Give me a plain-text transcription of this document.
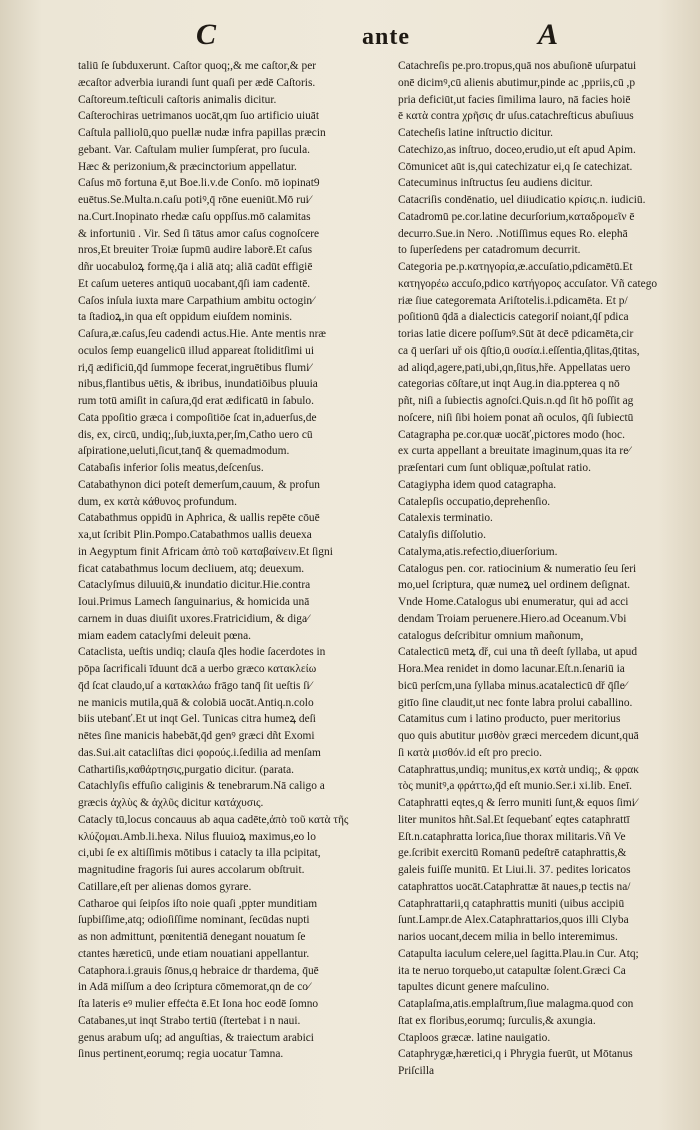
C	ante	A
taliū ſe ſubduxerunt. Caſtor quoq;,& me caſtor,& per
æcaſtor adverbia iurandi ſunt quaſi per ædē Caſtoris.
Caſtoreum.teſticuli caſtoris animalis dicitur.
Caſterochiras uetrimanos uocāt,qm ſuo artificio uiuāt
Caſtula palliolū,quo puellæ nudæ infra papillas præcin
gebant. Var. Caſtulam mulier ſumpſerat, pro ſucula.
Hæc & perizonium,& præcinctorium appellatur.
Caſus mō fortuna ē,ut Boe.li.v.de Conſo. mō iopinat9
euētus.Se.Multa.n.caſu potiꝰ,q̄ rōne eueniūt.Mō rui⁄
na.Curt.Inopinato rhedæ caſu oppſſus.mō calamitas
& infortuniū . Vir. Sed ſi tātus amor caſus cognoſcere
nros,Et breuiter Troiæ ſupmū audire laborē.Et caſus
dñr uocabuloꝝ formę,q̄a i aliā atq; aliā cadūt effigiē
Et caſum ueteres antiquū uocabant,q̄ſi iam cadentē.
Caſos inſula iuxta mare Carpathium ambitu octogin⁄
ta ſtadioꝝ,in qua eſt oppidum eiuſdem nominis.
Caſura,æ.caſus,ſeu cadendi actus.Hie. Ante mentis nræ
oculos ſemp euangelicū illud appareat ſtoliditſimi ui
ri,q̄ ædificiū,q̄d ſummope fecerat,ingruētibus flumi⁄
nibus,flantibus uētis, & ibribus, inundatiōibus pluuia
rum totū amiſit in caſura,q̄d erat ædificatū in ſabulo.
Cata ppoſitio græca i compoſitiōe ſcat in,aduerſus,de
dis, ex, circū, undiq;,ſub,iuxta,per,ſm,Catho uero cū
aſpiratione,ueluti,ſicut,tanq̄ & quemadmodum.
Catabaſis inferior ſolis meatus,deſcenſus.
Catabathynon dici poteſt demerſum,cauum, & profun
dum, ex κατὰ κάθυνος profundum.
Catabathmus oppidū in Aphrica, & uallis repēte cōuē
xa,ut ſcribit Plin.Pompo.Catabathmos uallis deuexa
in Aegyptum finit Africam ἀπὸ τοῦ καταβαίνειν.Et ſigni
ficat catabathmus locum decliuem, atq; deuexum.
Cataclyſmus diluuiū,& inundatio dicitur.Hie.contra
Ioui.Primus Lamech ſanguinarius, & homicida unā
carnem in duas diuiſit uxores.Fratricidium, & diga⁄
miam eadem cataclyſmi deleuit pœna.
Cataclista, ueſtis undiq; clauſa q̄les hodie ſacerdotes in
pōpa ſacrificali īduunt dcā a uerbo græco κατακλείω
q̄d ſcat claudo,uſ a κατακλάω frāgo tanq̄ ſit ueſtis ſi⁄
ne manicis mutila,quā & colobiā uocāt.Antiq.n.colo
biis utebanť.Et ut inqt Gel. Tunicas citra humeꝝ deſi
nētes ſine manicis habebāt,q̄d genꝰ græci dñt Exomi
das.Sui.ait catacliſtas dici φορούς.i.ſedilia ad menſam
Cathartiſis,καθάρτησις,purgatio dicitur. (parata.
Catachlyſis effuſio caliginis & tenebrarum.Nā caligo a
græcis ἀχλὺς & ἀχλῦς dicitur κατάχυσις.
Catacly tū,locus concauus ab aqua cadēte,ἀπὸ τοῦ κατὰ τῆς
κλύζομαι.Amb.li.hexa. Nilus fluuioꝝ maximus,eo lo
ci,ubi ſe ex altiſſimis mōtibus i catacly ta illa pcipitat,
magnitudine fragoris ſui aures accolarum obſtruit.
Catillare,eſt per alienas domos gyrare.
Catharoe qui ſeipſos iſto noie quaſi ,ppter munditiam
ſupbiſſime,atq; odioſiſſime nominant, ſecūdas nupti
as non admittunt, pœnitentiā denegant nouatum ſe
ctantes hæreticū, unde etiam nouatiani appellantur.
Cataphora.i.grauis ſōnus,q hebraice dr thardema, q̄uē
in Adā miſſum a deo ſcriptura cōmemorat,qn de co⁄
ſta lateris eꝰ mulier effeċta ē.Et Iona hoc eodē ſomno
Catabanes,ut inqt Strabo tertiū (ſtertebat i n naui.
genus arabum uſq; ad anguſtias, & traiectum arabici
ſinus pertinent,eorumq; regia uocatur Tamna.
Catachreſis pe.pro.tropus,quā nos abuſionē uſurpatui
onē dicimꝰ,cū alienis abutimur,pinde ac ,ppriis,cū ,p
pria deficiūt,ut facies ſimilima lauro, nā facies hoiē
ē κατὰ contra χρῆσις dr uſus.catachreſticus abuſiuus
Catecheſis latine inſtructio dicitur.
Catechizo,as inſtruo, doceo,erudio,ut eſt apud Apim.
Cōmunicet aūt is,qui catechizatur ei,q ſe catechizat.
Catecuminus inſtructus ſeu audiens dicitur.
Catacriſis condēnatio, uel diiudicatio κρίσις.n. iudiciū.
Catadromū pe.cor.latine decurſorium,καταδρομεῖν ē
decurro.Sue.in Nero. .Notiſſimus eques Ro. elephā
to ſuperſedens per catadromum decurrit.
Categoria pe.p.κατηγορία,æ.accuſatio,pdicamētū.Et
κατηγορέω accuſo,pdico κατήγορος accuſator. Vñ catego
riæ ſiue categoremata Ariſtotelis.i.pdicamēta. Et p/
poſitionū q̄dā a dialecticis categoriſ noiant,q̄ſ pdica
torias latie dicere poſſumꝰ.Sūt āt decē pdicamēta,cir
ca q̄ uerſari uř ois q̄ſtio,ū ουσία.i.eſſentia,q̄litas,q̄titas,
ad aliqd,agere,pati,ubi,qn,ſitus,hře. Appellatas uero
categorias cōſtare,ut inqt Aug.in dia.ppterea q nō
pñt, niſi a ſubiectis agnoſci.Quis.n.qd ſit hō poſſit ag
noſcere, niſi ſibi hoiem ponat añ oculos, q̄ſi ſubiectū
Catagrapha pe.cor.quæ uocāť,pictores modo (hoc.
ex curta appellant a breuitate imaginum,quas ita re⁄
præſentari cum ſunt obliquæ,poſtulat ratio.
Catagiypha idem quod catagrapha.
Catalepſis occupatio,deprehenſio.
Catalexis terminatio.
Catalyſis diſſolutio.
Catalyma,atis.refectio,diuerſorium.
Catalogus pen. cor. ratiocinium & numeratio ſeu ſeri
mo,uel ſcriptura, quæ numeꝝ uel ordinem deſignat.
Vnde Home.Catalogus ubi enumeratur, qui ad acci
dendam Troiam peruenere.Hiero.ad Oceanum.Vbi
catalogus deſcribitur omnium mañonum,
Catalecticū metꝝ dř, cui una tñ deeſt ſyllaba, ut apud
Hora.Mea renidet in domo lacunar.Eſt.n.ſenariū ia
bicū perſcm,una ſyllaba minus.acatalecticū dř q̄ſle⁄
gitīo ſine claudit,ut nec fonte labra prolui caballino.
Catamitus cum i latino producto, puer meritorius
quo quis abutitur μισθὸν græci mercedem dicunt,quā
ſi κατὰ μισθόν.id eſt pro precio.
Cataphrattus,undiq; munitus,ex κατὰ undiq;, & φρακ
τὸς munitꝰ,a φράττω,q̄d eſt munio.Ser.i xi.lib. Eneī.
Cataphratti eqtes,q & ſerro muniti ſunt,& equos ſimi⁄
liter munitos hñt.Sal.Et ſequebanť eqtes cataphrattī
Eſt.n.cataphratta lorica,ſiue thorax militaris.Vñ Ve
ge.ſcribit exercitū Romanū pedeſtrē cataphrattis,&
galeis fuiſſe munitū. Et Liui.li. 37. pedites loricatos
cataphrattos uocāt.Cataphrattæ āt naues,p tectis na/
Cataphrattarii,q cataphrattis muniti (uibus accipiū
ſunt.Lampr.de Alex.Cataphrattarios,quos illi Clyba
narios uocant,decem milia in bello interemimus.
Catapulta iaculum celere,uel ſagitta.Plau.in Cur. Atq;
ita te neruo torquebo,ut catapultæ ſolent.Græci Ca
tapultes dicunt genere maſculino.
Cataplaſma,atis.emplaſtrum,ſiue malagma.quod con
ſtat ex floribus,eorumq; ſurculis,& axungia.
Ctaploos græcæ. latine nauigatio.
Cataphrygæ,hæretici,q i Phrygia fuerūt, ut Mōtanus
Priſcilla
